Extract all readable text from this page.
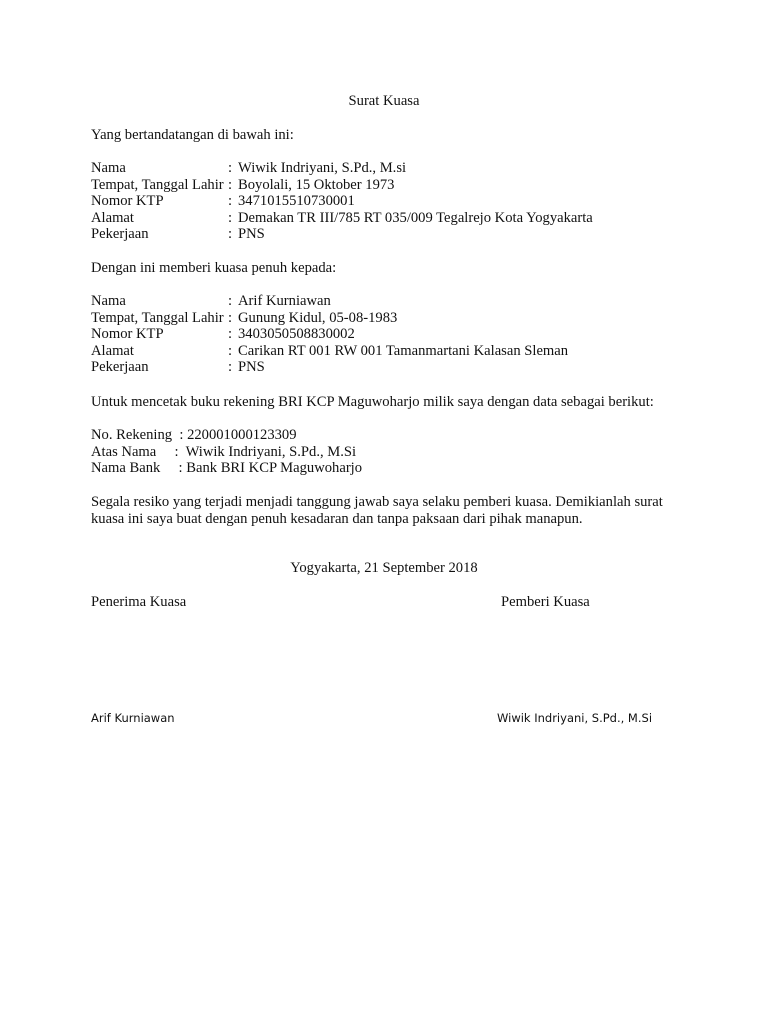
Surat Kuasa
Yang bertandatangan di bawah ini:
Nama	: Wiwik Indriyani, S.Pd., M.si
Tempat, Tanggal Lahir : Boyolali, 15 Oktober 1973
Nomor KTP	: 3471015510730001
Alamat	: Demakan TR III/785 RT 035/009 Tegalrejo Kota Yogyakarta
Pekerjaan	: PNS
Dengan ini memberi kuasa penuh kepada:
Nama	: Arif Kurniawan
Tempat, Tanggal Lahir : Gunung Kidul, 05-08-1983
Nomor KTP	: 3403050508830002
Alamat	: Carikan RT 001 RW 001 Tamanmartani Kalasan Sleman
Pekerjaan	: PNS
Untuk mencetak buku rekening BRI KCP Maguwoharjo milik saya dengan data sebagai berikut:
No. Rekening  : 220001000123309
Atas Nama     :  Wiwik Indriyani, S.Pd., M.Si
Nama Bank     : Bank BRI KCP Maguwoharjo
Segala resiko yang terjadi menjadi tanggung jawab saya selaku pemberi kuasa. Demikianlah surat kuasa ini saya buat dengan penuh kesadaran dan tanpa paksaan dari pihak manapun.
Yogyakarta, 21 September 2018
Penerima Kuasa	Pemberi Kuasa
Arif Kurniawan	Wiwik Indriyani, S.Pd., M.Si
